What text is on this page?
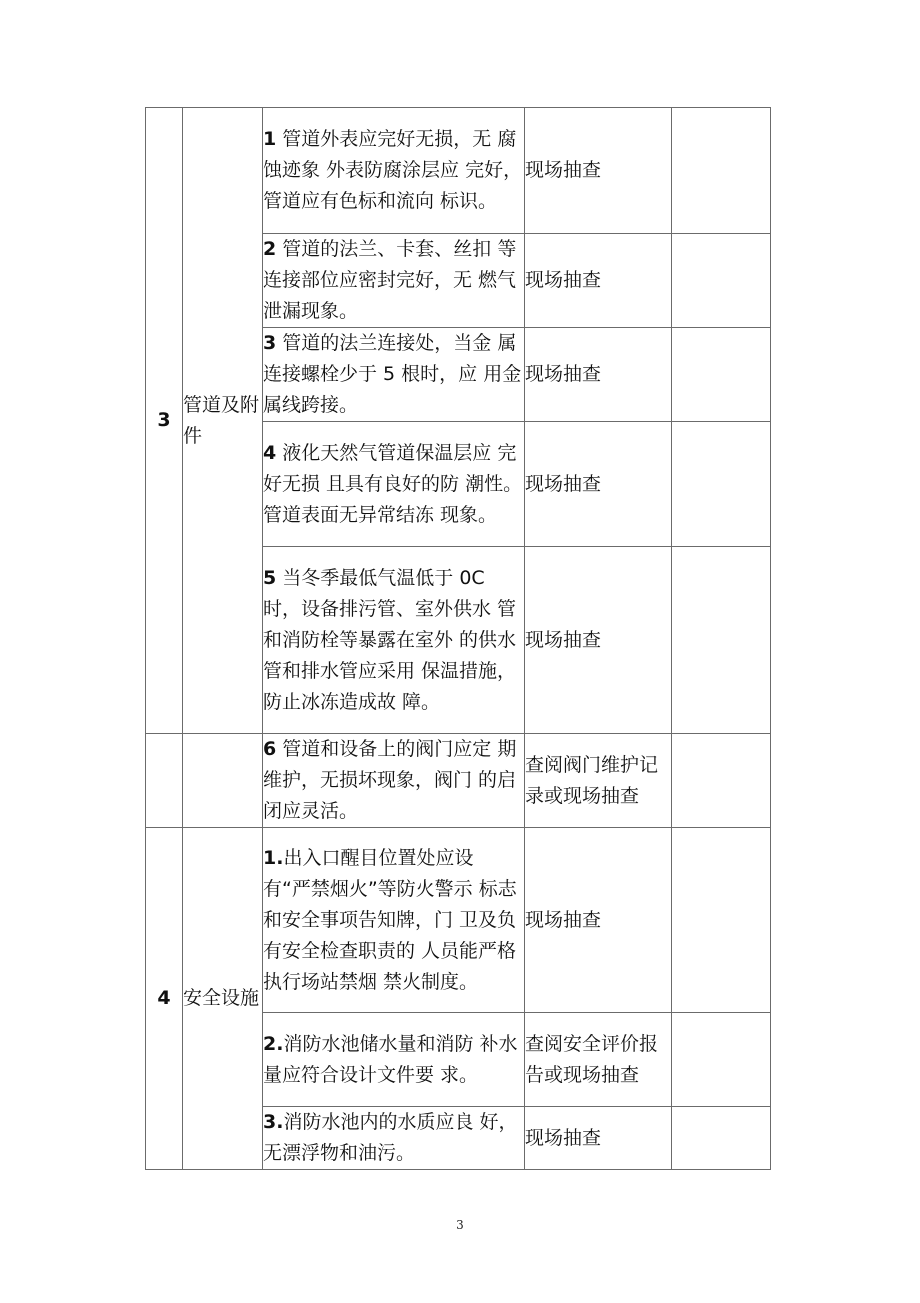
3	管道及附件	1 管道外表应完好无损，无 腐蚀迹象 外表防腐涂层应 完好，管道应有色标和流向 标识。	现场抽查	
		2 管道的法兰、卡套、丝扣 等连接部位应密封完好，无 燃气泄漏现象。	现场抽查	
		3 管道的法兰连接处，当金 属连接螺栓少于 5 根时，应 用金属线跨接。	现场抽查	
		4 液化天然气管道保温层应 完好无损 且具有良好的防 潮性。管道表面无异常结冻 现象。	现场抽查	
		5 当冬季最低气温低于 0C 时，设备排污管、室外供水 管和消防栓等暴露在室外 的供水管和排水管应采用 保温措施，防止冰冻造成故 障。	现场抽查	
		6 管道和设备上的阀门应定 期维护，无损坏现象，阀门 的启闭应灵活。	查阅阀门维护记录或现场抽查	
4	安全设施	1.出入口醒目位置处应设 有“严禁烟火”等防火警示 标志和安全事项告知牌，门 卫及负有安全检查职责的 人员能严格执行场站禁烟 禁火制度。	现场抽查	
		2.消防水池储水量和消防 补水量应符合设计文件要 求。	查阅安全评价报告或现场抽查	
		3.消防水池内的水质应良 好，无漂浮物和油污。	现场抽查	
3
